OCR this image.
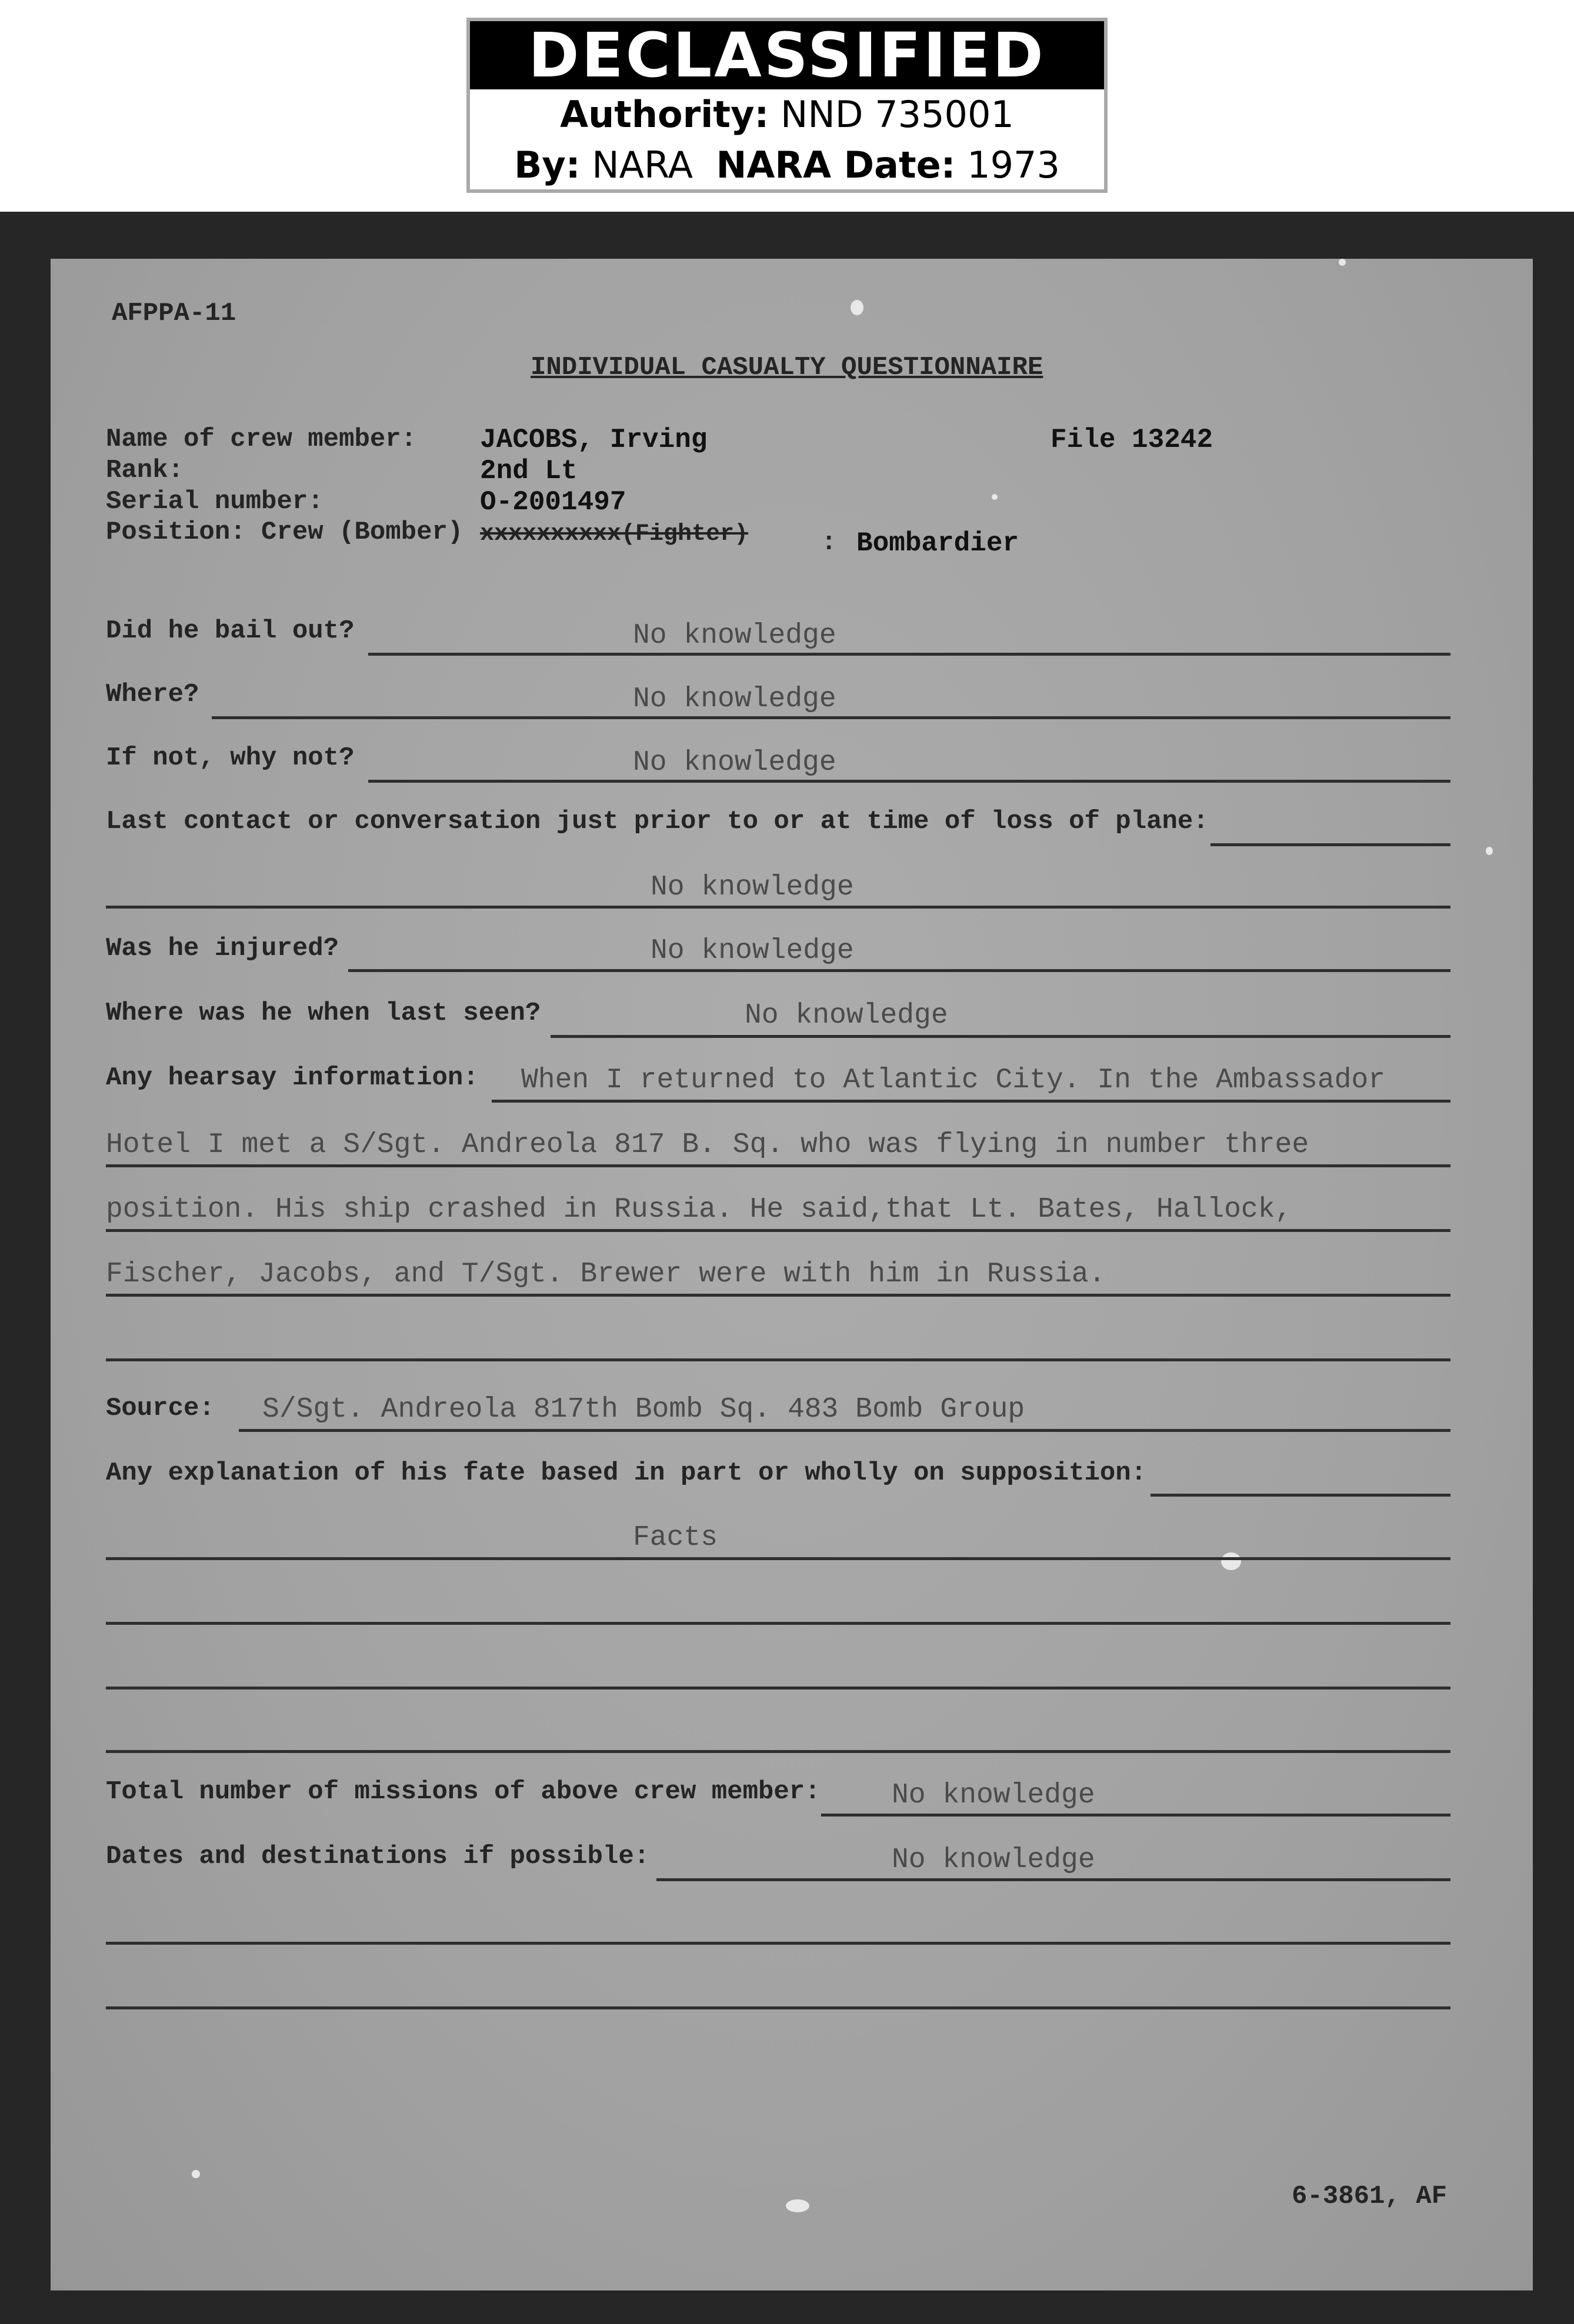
DECLASSIFIED
Authority: NND 735001
By: NARA NARA Date: 1973
AFPPA-11
INDIVIDUAL CASUALTY QUESTIONNAIRE
Name of crew member: JACOBS, Irving	File 13242
Rank:	2nd Lt
Serial number:	O-2001497
Position: Crew (Bomber) xxxxxxxxxx(Fighter)	: Bombardier
Did he bail out?	No knowledge
Where?	No knowledge
If not, why not?	No knowledge
Last contact or conversation just prior to or at time of loss of plane:
No knowledge
Was he injured?	No knowledge
Where was he when last seen?	No knowledge
Any hearsay information: When I returned to Atlantic City. In the Ambassador
Hotel I met a S/Sgt. Andreola 817 B. Sq. who was flying in number three
position. His ship crashed in Russia. He said,that Lt. Bates, Hallock,
Fischer, Jacobs, and T/Sgt. Brewer were with him in Russia.
Source: S/Sgt. Andreola 817th Bomb Sq. 483 Bomb Group
Any explanation of his fate based in part or wholly on supposition:
Facts
Total number of missions of above crew member:	No knowledge
Dates and destinations if possible:	No knowledge
6-3861, AF
